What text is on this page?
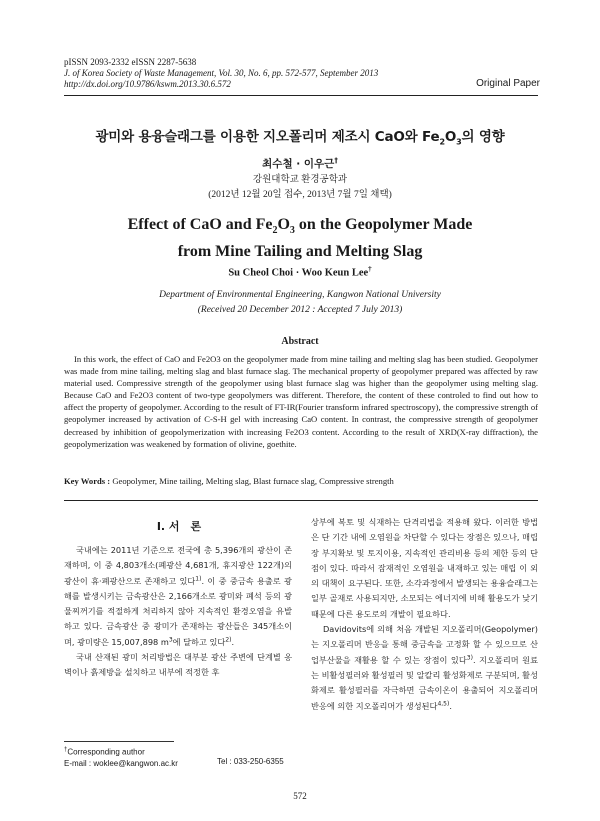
pISSN 2093-2332 eISSN 2287-5638
J. of Korea Society of Waste Management, Vol. 30, No. 6, pp. 572-577, September 2013
http://dx.doi.org/10.9786/kswm.2013.30.6.572	Original Paper
광미와 용융슬래그를 이용한 지오폴리머 제조시 CaO와 $Fe_2O_3$의 영향
최수철 · 이우근†
강원대학교 환경공학과
(2012년 12월 20일 접수, 2013년 7월 7일 채택)
Effect of CaO and $Fe_2O_3$ on the Geopolymer Made
from Mine Tailing and Melting Slag
Su Cheol Choi · Woo Keun Lee†
Department of Environmental Engineering, Kangwon National University
(Received 20 December 2012 : Accepted 7 July 2013)
Abstract

In this work, the effect of CaO and Fe2O3 on the geopolymer made from mine tailing and melting slag has been studied. Geopolymer was made from mine tailing, melting slag and blast furnace slag. The mechanical property of geopolymer prepared was affected by raw material used. Compressive strength of the geopolymer using blast furnace slag was higher than the geopolymer using melting slag. Because CaO and Fe2O3 content of two-type geopolymers was different. Therefore, the content of these controled to find out how to affect the property of geopolymer. According to the result of FT-IR(Fourier transform infrared spectroscopy), the compressive strength of geopolymer increased by activation of C-S-H gel with increasing CaO content. In contrast, the compressive strength of geopolymer decreased by inhibition of geopolymerization with increasing Fe2O3 content. According to the result of XRD(X-ray diffraction), the geopolymerization was weakened by formation of olivine, goethite.

Key Words : Geopolymer, Mine tailing, Melting slag, Blast furnace slag, Compressive strength
I. 서　론

국내에는 2011년 기준으로 전국에 총 5,396개의 광산이 존재하며, 이 중 4,803개소(폐광산 4,681개, 휴지광산 122개)의 광산이 휴·폐광산으로 존재하고 있다$^{1)}$. 이 중 중금속 용출로 광해를 발생시키는 금속광산은 2,166개소로 광미와 폐석 등의 광물찌꺼기를 적절하게 처리하지 않아 지속적인 환경오염을 유발하고 있다. 금속광산 중 광미가 존재하는 광산들은 345개소이며, 광미량은 15,007,898 $m^3$에 달하고 있다$^{2)}$.

국내 산재된 광미 처리방법은 대부분 광산 주변에 단계별 옹벽이나 흙제방을 설치하고 내부에 적정한 후

상부에 복토 및 식재하는 단격리법을 적용해 왔다. 이러한 방법은 단 기간 내에 오염원을 차단할 수 있다는 장점은 있으나, 매립장 부지확보 및 토지이용, 지속적인 관리비용 등의 제한 등의 단점이 있다. 따라서 잠재적인 오염원을 내재하고 있는 매립 이 외의 대책이 요구된다. 또한, 소각과정에서 발생되는 용융슬래그는 일부 골재로 사용되지만, 소모되는 에너지에 비해 활용도가 낮기 때문에 다른 용도로의 개발이 필요하다.

Davidovits에 의해 처음 개발된 지오폴리머(Geopolymer)는 지오폴리머 반응을 통해 중금속을 고정화 할 수 있으므로 산업부산물을 재활용 할 수 있는 장점이 있다$^{3)}$. 지오폴리머 원료는 비활성필러와 활성필러 및 알칼리 활성화제로 구분되며, 활성화제로 활성필러를 자극하면 금속이온이 용출되어 지오폴리머 반응에 의한 지오폴리머가 생성된다$^{4,5)}$.

†Corresponding author
E-mail : woklee@kangwon.ac.kr	Tel : 033-250-6355
572
